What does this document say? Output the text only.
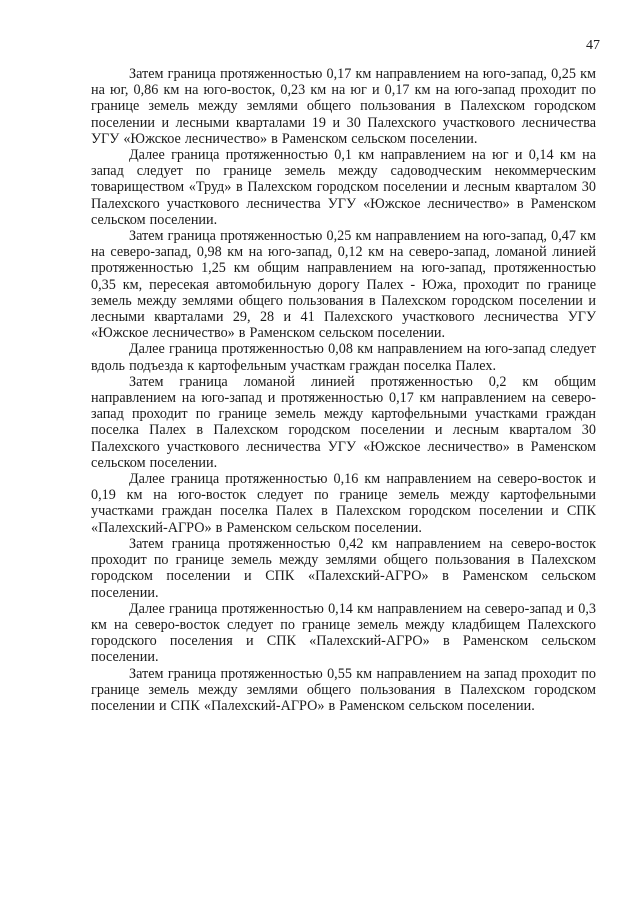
47

Затем граница протяженностью 0,17 км направлением на юго-запад, 0,25 км на юг, 0,86 км на юго-восток, 0,23 км на юг и 0,17 км на юго-запад проходит по границе земель между землями общего пользования в Палехском городском поселении и лесными кварталами 19 и 30 Палехского участкового лесничества УГУ «Южское лесничество» в Раменском сельском поселении.

Далее граница протяженностью 0,1 км направлением на юг и 0,14 км на запад следует по границе земель между садоводческим некоммерческим товариществом «Труд» в Палехском городском поселении и лесным кварталом 30 Палехского участкового лесничества УГУ «Южское лесничество» в Раменском сельском поселении.

Затем граница протяженностью 0,25 км направлением на юго-запад, 0,47 км на северо-запад, 0,98 км на юго-запад, 0,12 км на северо-запад, ломаной линией протяженностью 1,25 км общим направлением на юго-запад, протяженностью 0,35 км, пересекая автомобильную дорогу Палех - Южа, проходит по границе земель между землями общего пользования в Палехском городском поселении и лесными кварталами 29, 28 и 41 Палехского участкового лесничества УГУ «Южское лесничество» в Раменском сельском поселении.

Далее граница протяженностью 0,08 км направлением на юго-запад следует вдоль подъезда к картофельным участкам граждан поселка Палех.

Затем граница ломаной линией протяженностью 0,2 км общим направлением на юго-запад и протяженностью 0,17 км направлением на северо-запад проходит по границе земель между картофельными участками граждан поселка Палех в Палехском городском поселении и лесным кварталом 30 Палехского участкового лесничества УГУ «Южское лесничество» в Раменском сельском поселении.

Далее граница протяженностью 0,16 км направлением на северо-восток и 0,19 км на юго-восток следует по границе земель между картофельными участками граждан поселка Палех в Палехском городском поселении и СПК «Палехский-АГРО» в Раменском сельском поселении.

Затем граница протяженностью 0,42 км направлением на северо-восток проходит по границе земель между землями общего пользования в Палехском городском поселении и СПК «Палехский-АГРО» в Раменском сельском поселении.

Далее граница протяженностью 0,14 км направлением на северо-запад и 0,3 км на северо-восток следует по границе земель между кладбищем Палехского городского поселения и СПК «Палехский-АГРО» в Раменском сельском поселении.

Затем граница протяженностью 0,55 км направлением на запад проходит по границе земель между землями общего пользования в Палехском городском поселении и СПК «Палехский-АГРО» в Раменском сельском поселении.
